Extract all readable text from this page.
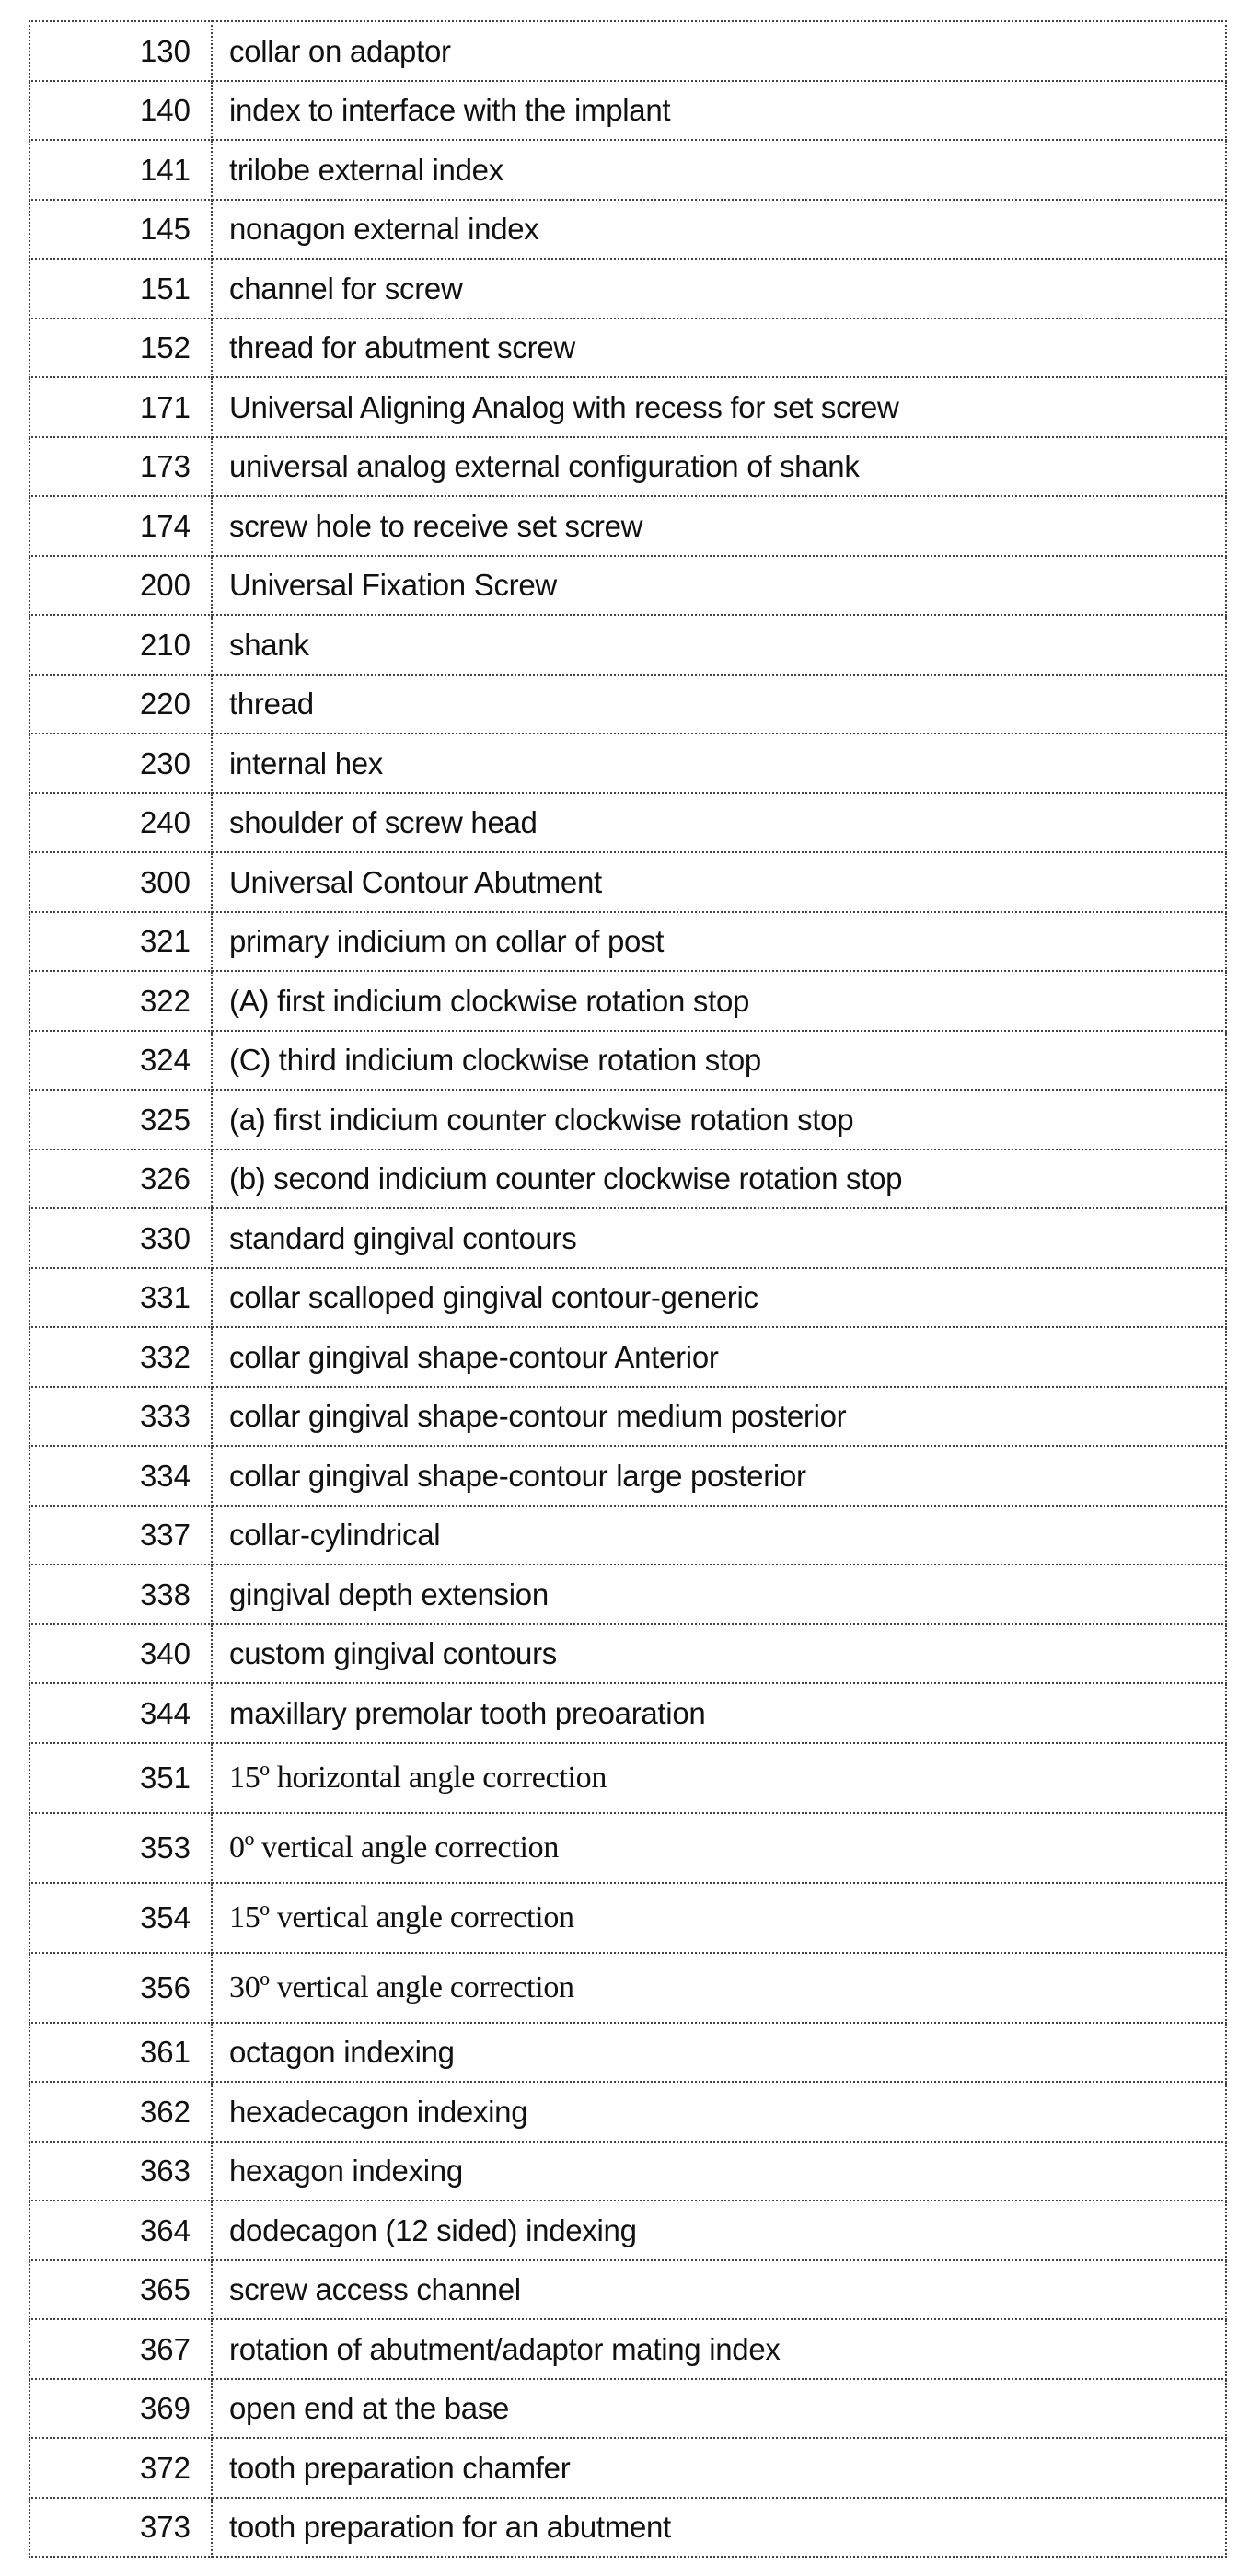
130	collar on adaptor
140	index to interface with the implant
141	trilobe external index
145	nonagon external index
151	channel for screw
152	thread for abutment screw
171	Universal Aligning Analog with recess for set screw
173	universal analog external configuration of shank
174	screw hole to receive set screw
200	Universal Fixation Screw
210	shank
220	thread
230	internal hex
240	shoulder of screw head
300	Universal Contour Abutment
321	primary indicium on collar of post
322	(A) first indicium clockwise rotation stop
324	(C) third indicium clockwise rotation stop
325	(a) first indicium counter clockwise rotation stop
326	(b) second indicium counter clockwise rotation stop
330	standard gingival contours
331	collar scalloped gingival contour-generic
332	collar gingival shape-contour Anterior
333	collar gingival shape-contour medium posterior
334	collar gingival shape-contour large posterior
337	collar-cylindrical
338	gingival depth extension
340	custom gingival contours
344	maxillary premolar tooth preoaration
351	15º horizontal angle correction
353	0º vertical angle correction
354	15º vertical angle correction
356	30º vertical angle correction
361	octagon indexing
362	hexadecagon indexing
363	hexagon indexing
364	dodecagon (12 sided) indexing
365	screw access channel
367	rotation of abutment/adaptor mating index
369	open end at the base
372	tooth preparation chamfer
373	tooth preparation for an abutment
